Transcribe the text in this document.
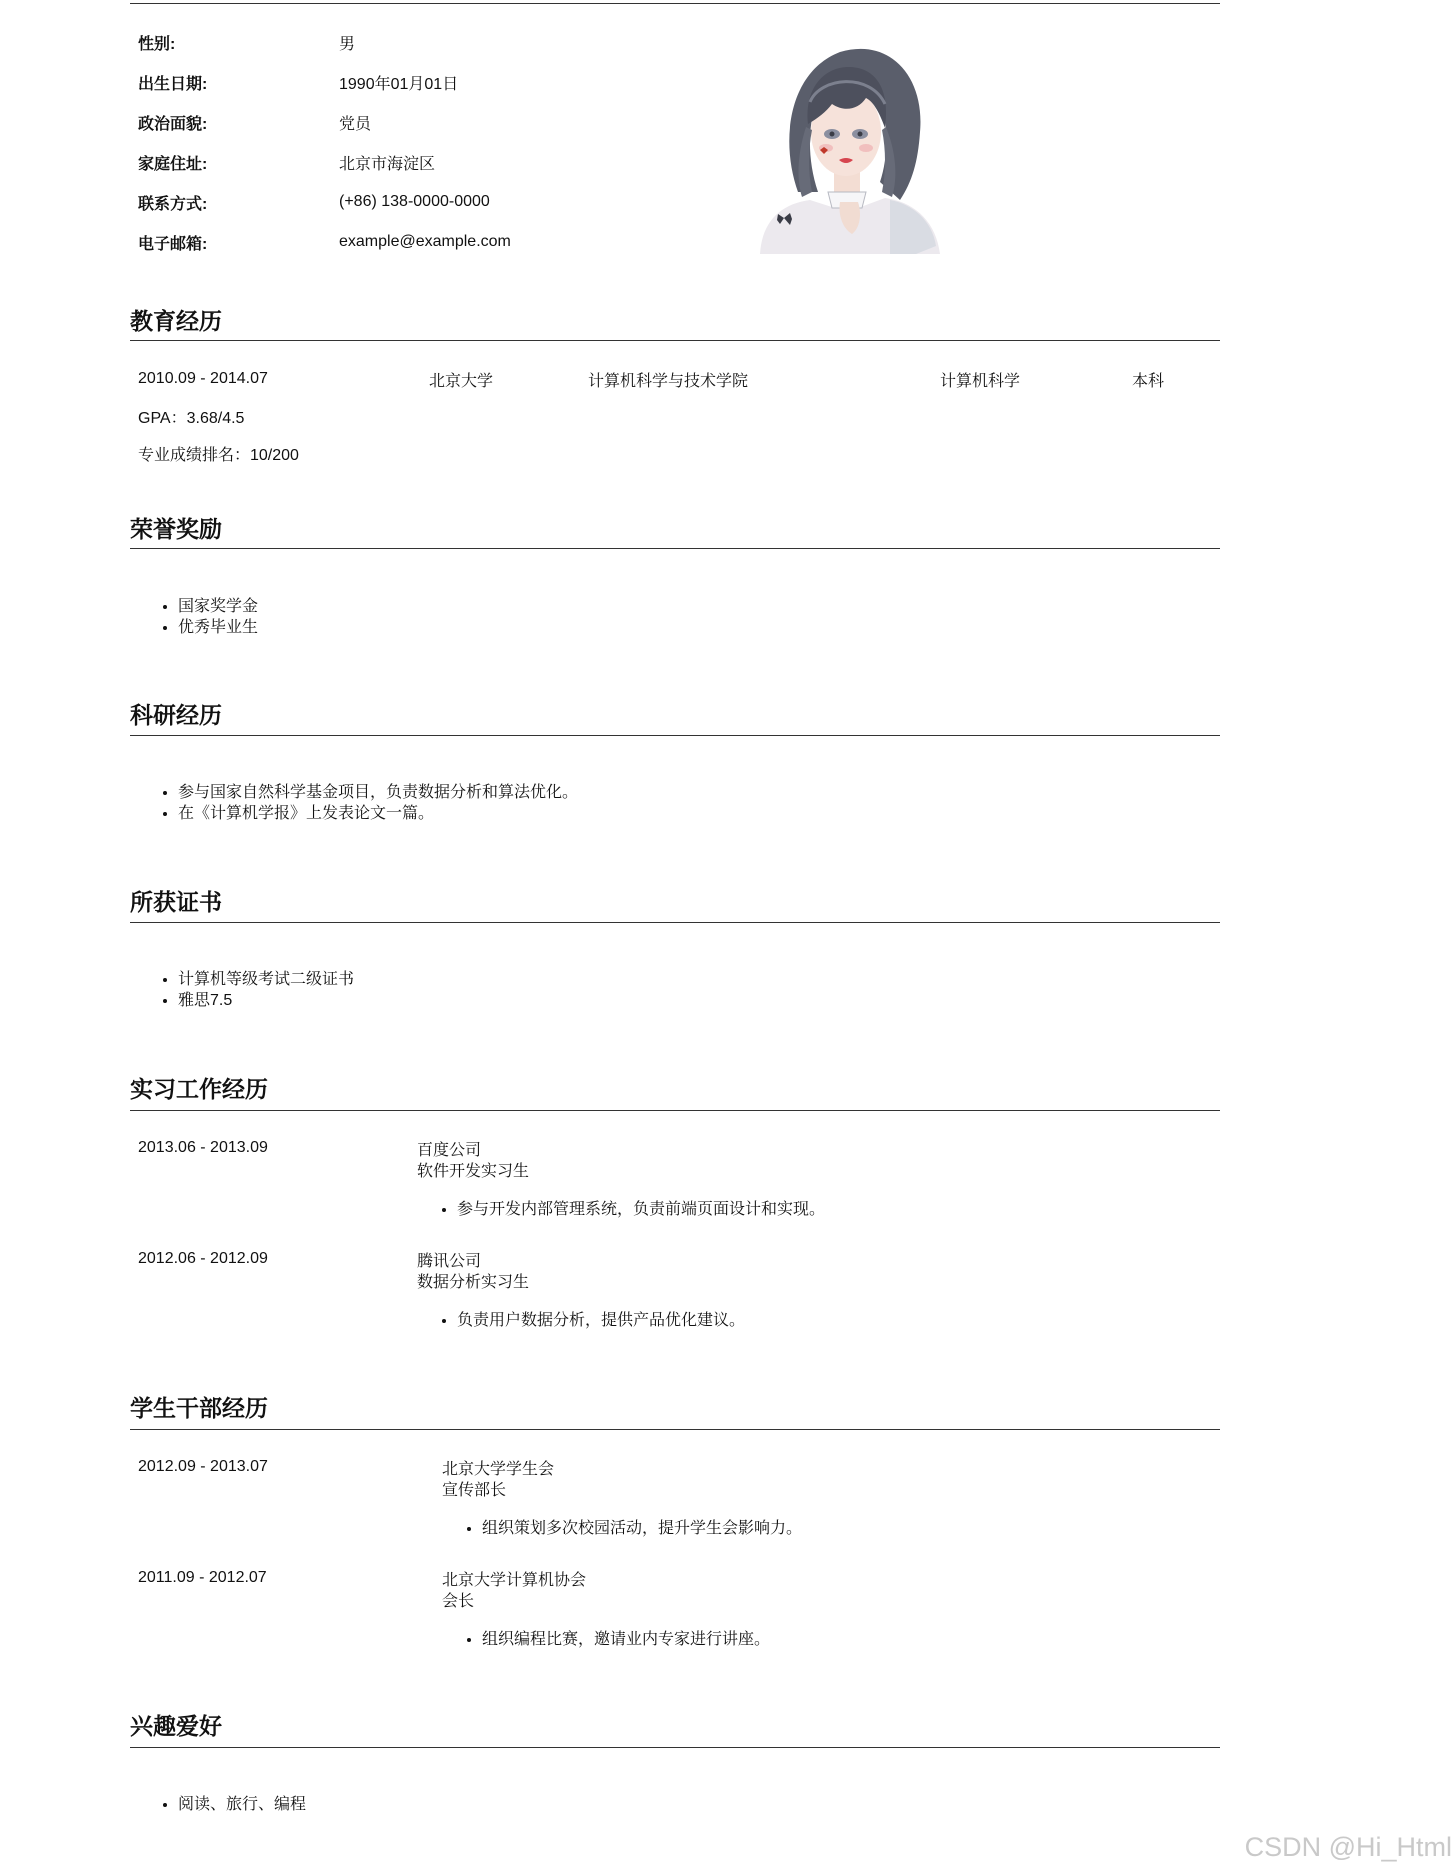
性别:	男
出生日期:	1990年01月01日
政治面貌:	党员
家庭住址:	北京市海淀区
联系方式:	(+86) 138-0000-0000
电子邮箱:	example@example.com
教育经历
2010.09 - 2014.07	北京大学	计算机科学与技术学院	计算机科学	本科
GPA：3.68/4.5
专业成绩排名：10/200
荣誉奖励
• 国家奖学金
• 优秀毕业生
科研经历
• 参与国家自然科学基金项目，负责数据分析和算法优化。
• 在《计算机学报》上发表论文一篇。
所获证书
• 计算机等级考试二级证书
• 雅思7.5
实习工作经历
2013.06 - 2013.09	百度公司
软件开发实习生
• 参与开发内部管理系统，负责前端页面设计和实现。
2012.06 - 2012.09	腾讯公司
数据分析实习生
• 负责用户数据分析，提供产品优化建议。
学生干部经历
2012.09 - 2013.07	北京大学学生会
宣传部长
• 组织策划多次校园活动，提升学生会影响力。
2011.09 - 2012.07	北京大学计算机协会
会长
• 组织编程比赛，邀请业内专家进行讲座。
兴趣爱好
• 阅读、旅行、编程
CSDN @Hi_Html
